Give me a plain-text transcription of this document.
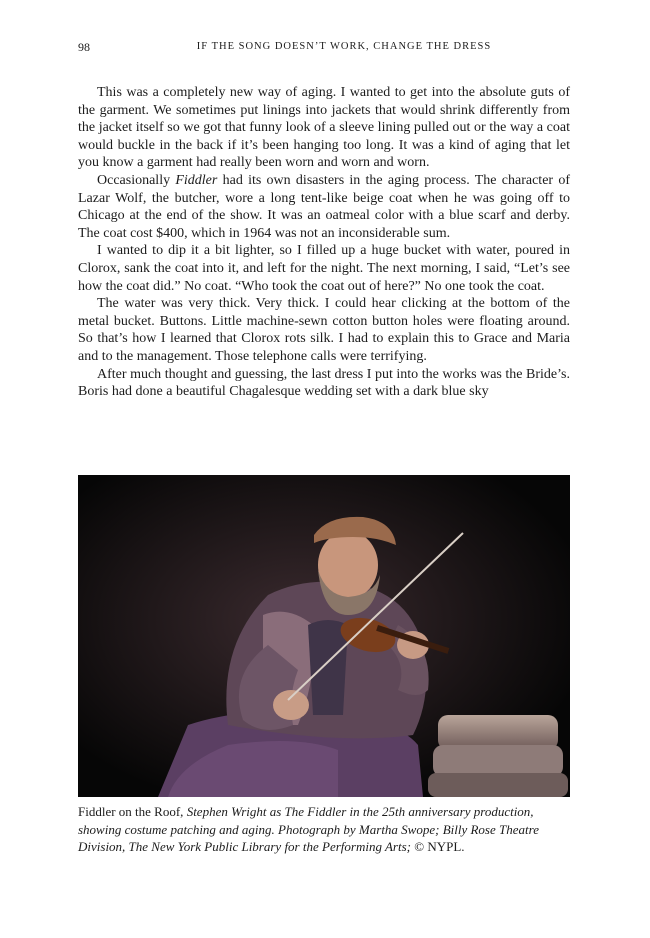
98	IF THE SONG DOESN’T WORK, CHANGE THE DRESS

This was a completely new way of aging. I wanted to get into the absolute guts of the garment. We sometimes put linings into jackets that would shrink differently from the jacket itself so we got that funny look of a sleeve lining pulled out or the way a coat would buckle in the back if it’s been hanging too long. It was a kind of aging that let you know a garment had really been worn and worn and worn.

Occasionally Fiddler had its own disasters in the aging process. The character of Lazar Wolf, the butcher, wore a long tent-like beige coat when he was going off to Chicago at the end of the show. It was an oatmeal color with a blue scarf and derby. The coat cost $400, which in 1964 was not an inconsiderable sum.

I wanted to dip it a bit lighter, so I filled up a huge bucket with water, poured in Clorox, sank the coat into it, and left for the night. The next morning, I said, “Let’s see how the coat did.” No coat. “Who took the coat out of here?” No one took the coat.

The water was very thick. Very thick. I could hear clicking at the bottom of the metal bucket. Buttons. Little machine-sewn cotton button holes were floating around. So that’s how I learned that Clorox rots silk. I had to explain this to Grace and Maria and to the management. Those telephone calls were terrifying.

After much thought and guessing, the last dress I put into the works was the Bride’s. Boris had done a beautiful Chagalesque wedding set with a dark blue sky

Fiddler on the Roof, Stephen Wright as The Fiddler in the 25th anniversary production, showing costume patching and aging. Photograph by Martha Swope; Billy Rose Theatre Division, The New York Public Library for the Performing Arts; © NYPL.
